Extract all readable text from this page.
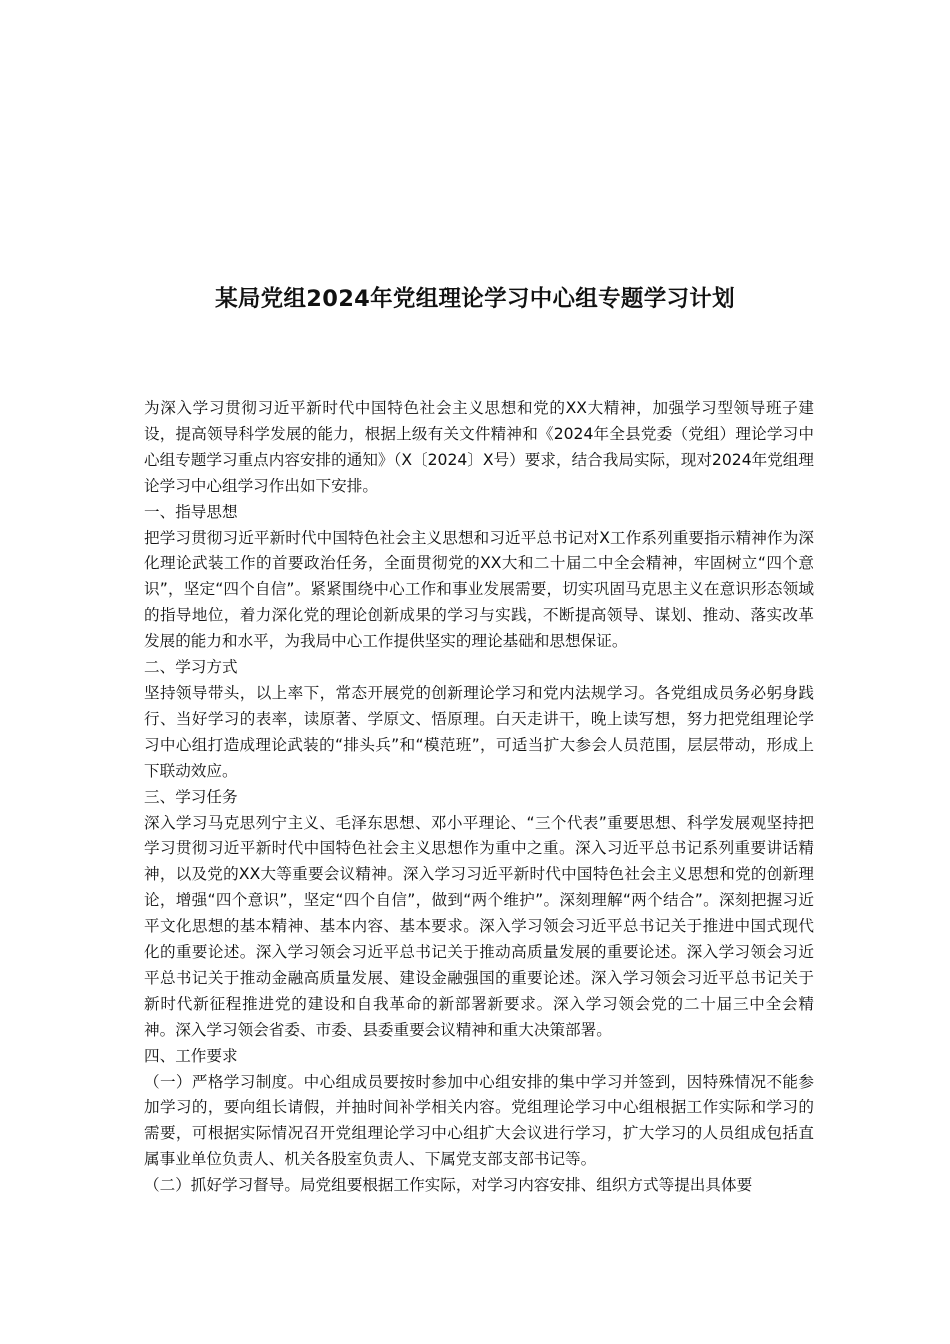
某局党组2024年党组理论学习中心组专题学习计划

为深入学习贯彻习近平新时代中国特色社会主义思想和党的XX大精神，加强学习型领导班子建设，提高领导科学发展的能力，根据上级有关文件精神和《2024年全县党委（党组）理论学习中心组专题学习重点内容安排的通知》（X〔2024〕X号）要求，结合我局实际，现对2024年党组理论学习中心组学习作出如下安排。

一、指导思想

把学习贯彻习近平新时代中国特色社会主义思想和习近平总书记对X工作系列重要指示精神作为深化理论武装工作的首要政治任务，全面贯彻党的XX大和二十届二中全会精神，牢固树立“四个意识”，坚定“四个自信”。紧紧围绕中心工作和事业发展需要，切实巩固马克思主义在意识形态领域的指导地位，着力深化党的理论创新成果的学习与实践，不断提高领导、谋划、推动、落实改革发展的能力和水平，为我局中心工作提供坚实的理论基础和思想保证。

二、学习方式

坚持领导带头，以上率下，常态开展党的创新理论学习和党内法规学习。各党组成员务必躬身践行、当好学习的表率，读原著、学原文、悟原理。白天走讲干，晚上读写想，努力把党组理论学习中心组打造成理论武装的“排头兵”和“模范班”，可适当扩大参会人员范围，层层带动，形成上下联动效应。

三、学习任务

深入学习马克思列宁主义、毛泽东思想、邓小平理论、“三个代表”重要思想、科学发展观坚持把学习贯彻习近平新时代中国特色社会主义思想作为重中之重。深入习近平总书记系列重要讲话精神，以及党的XX大等重要会议精神。深入学习习近平新时代中国特色社会主义思想和党的创新理论，增强“四个意识”，坚定“四个自信”，做到“两个维护”。深刻理解“两个结合”。深刻把握习近平文化思想的基本精神、基本内容、基本要求。深入学习领会习近平总书记关于推进中国式现代化的重要论述。深入学习领会习近平总书记关于推动高质量发展的重要论述。深入学习领会习近平总书记关于推动金融高质量发展、建设金融强国的重要论述。深入学习领会习近平总书记关于新时代新征程推进党的建设和自我革命的新部署新要求。深入学习领会党的二十届三中全会精神。深入学习领会省委、市委、县委重要会议精神和重大决策部署。

四、工作要求

（一）严格学习制度。中心组成员要按时参加中心组安排的集中学习并签到，因特殊情况不能参加学习的，要向组长请假，并抽时间补学相关内容。党组理论学习中心组根据工作实际和学习的需要，可根据实际情况召开党组理论学习中心组扩大会议进行学习，扩大学习的人员组成包括直属事业单位负责人、机关各股室负责人、下属党支部支部书记等。

（二）抓好学习督导。局党组要根据工作实际，对学习内容安排、组织方式等提出具体要
